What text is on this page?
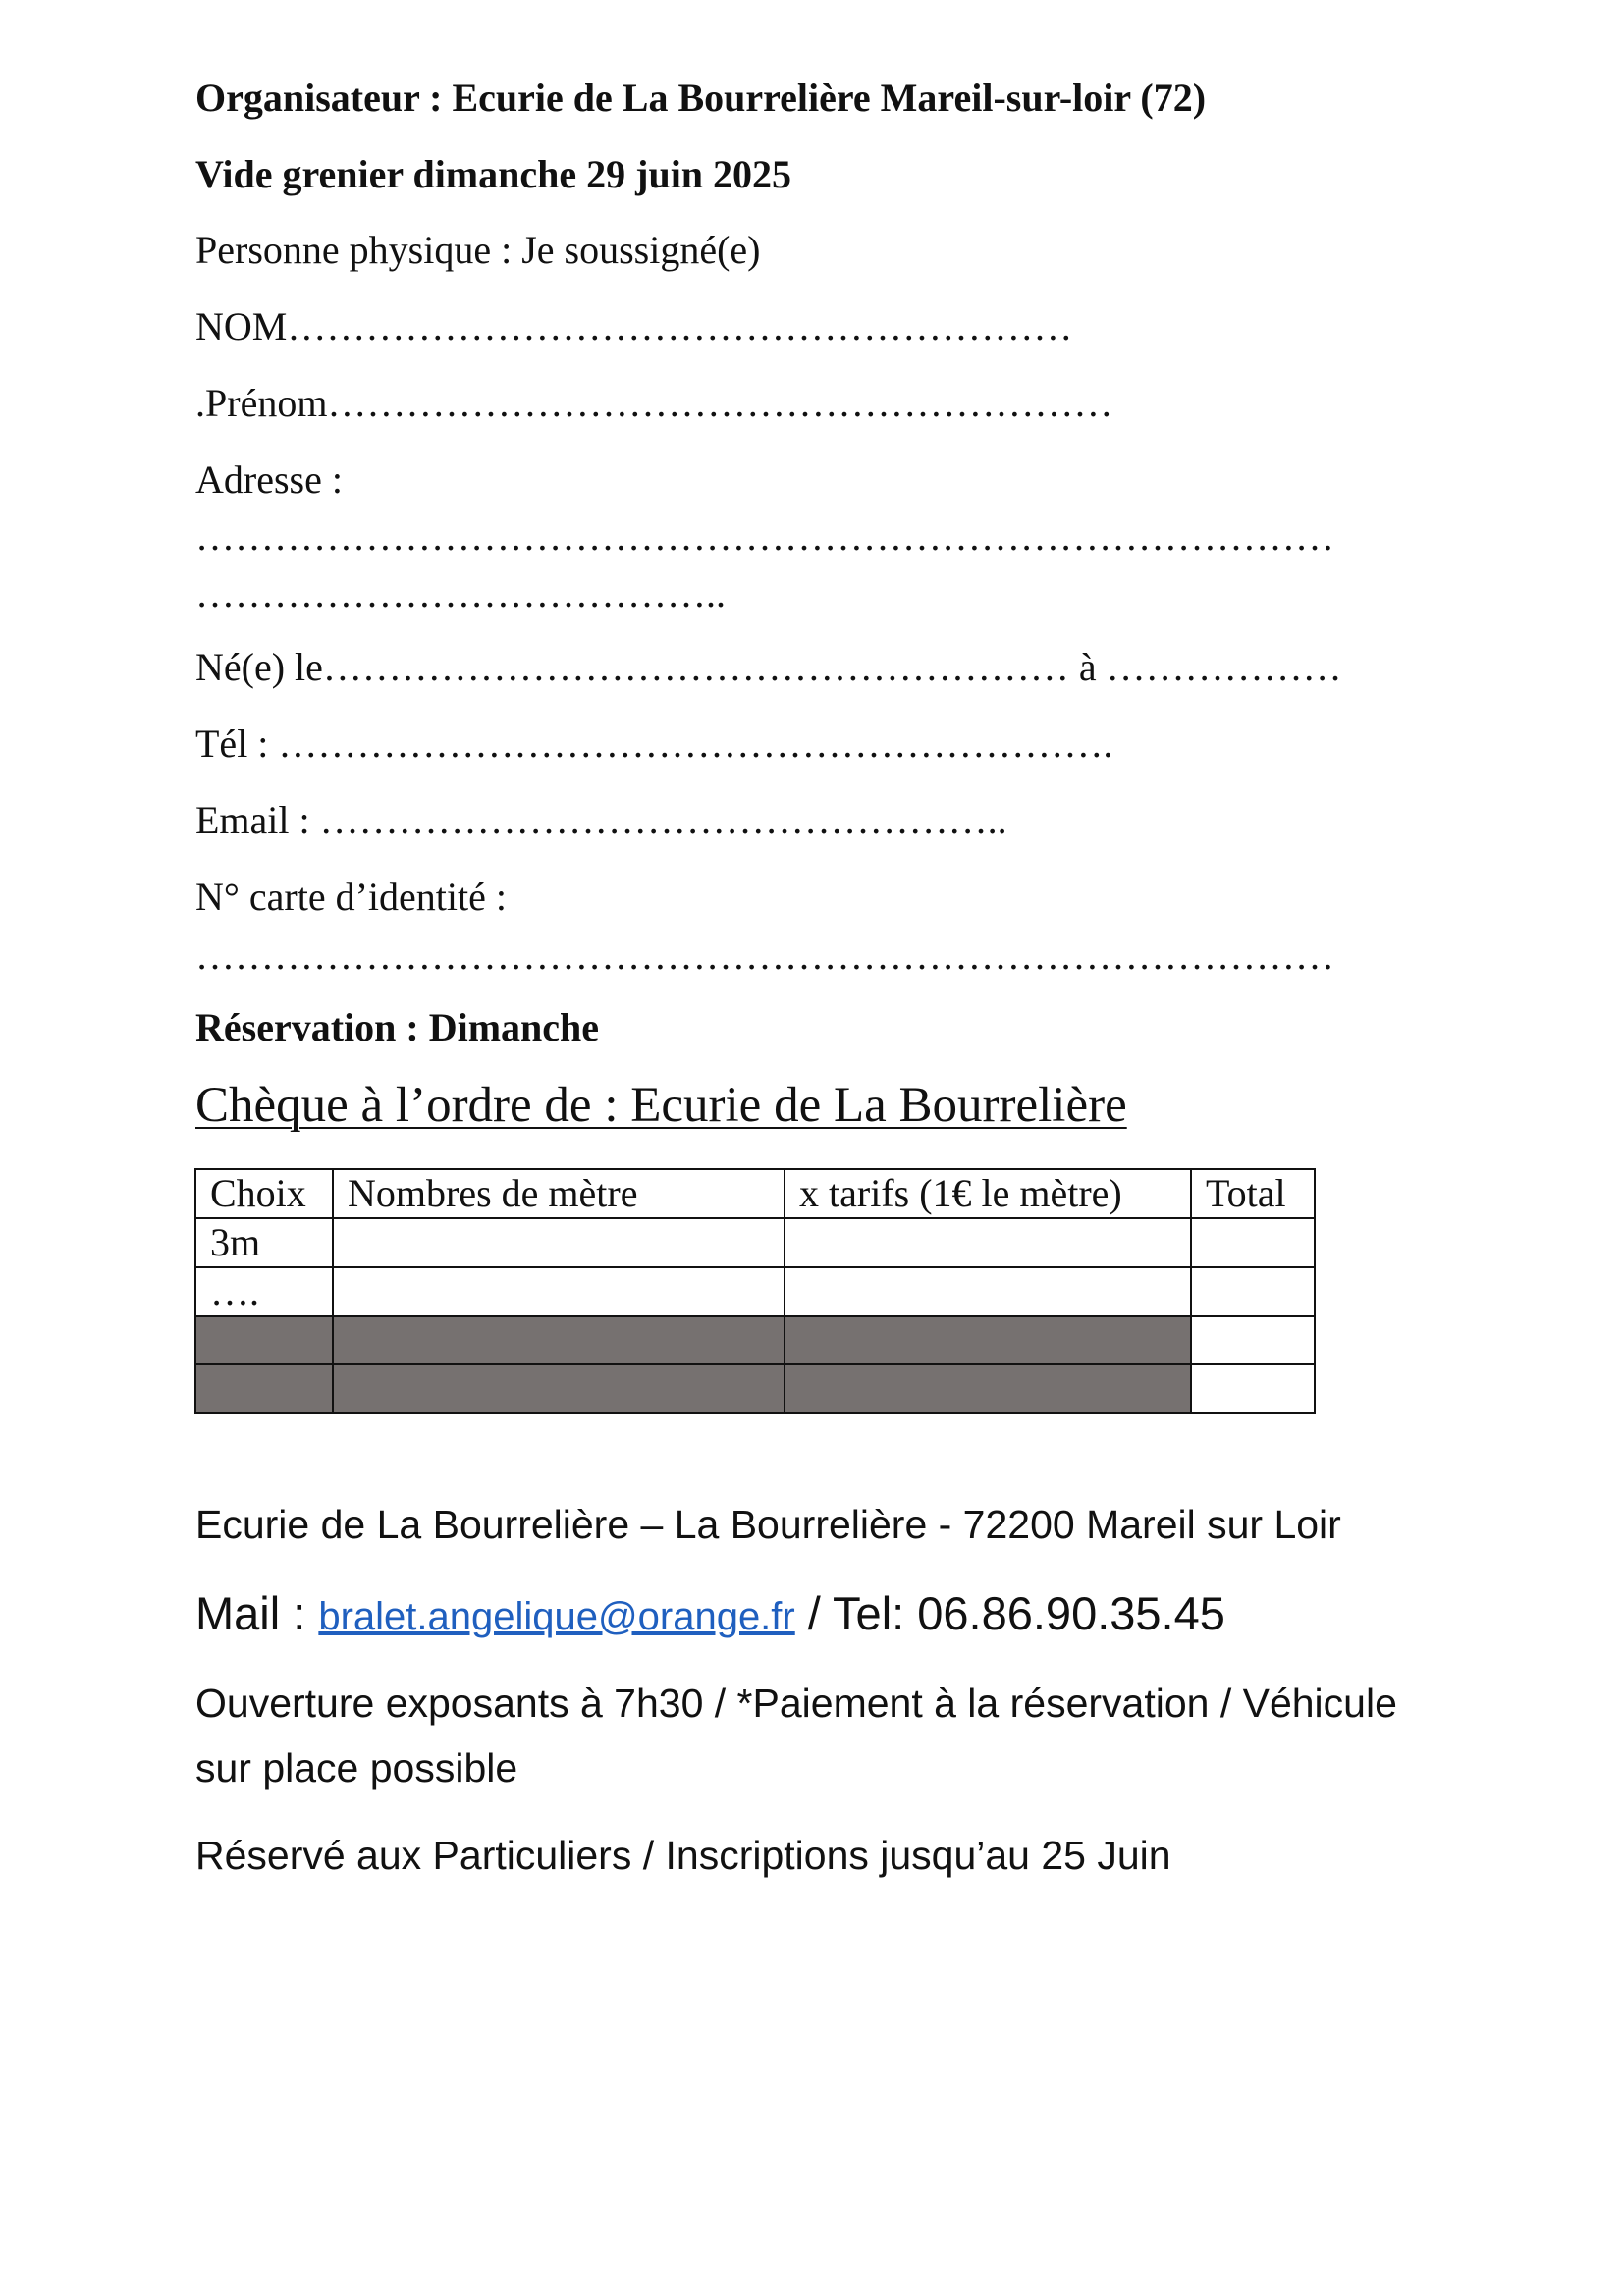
Organisateur : Ecurie de La Bourrelière Mareil-sur-loir (72)
Vide grenier dimanche 29 juin 2025
Personne physique : Je soussigné(e)
NOM……………………………………………………
.Prénom……………………………………………………
Adresse :
……………………………………………………………………………
…………………………………..
Né(e) le………………………………………………… à ………………
Tél : ……………………………………………………….
Email : ……………………………………………..
N° carte d’identité :
……………………………………………………………………………
Réservation : Dimanche
Chèque à l’ordre de : Ecurie de La Bourrelière
Choix	Nombres de mètre	x tarifs (1€ le mètre)	Total
3m			
….			

Ecurie de La Bourrelière – La Bourrelière - 72200 Mareil sur Loir
Mail : bralet.angelique@orange.fr / Tel: 06.86.90.35.45
Ouverture exposants à 7h30 / *Paiement à la réservation / Véhicule
sur place possible
Réservé aux Particuliers / Inscriptions jusqu’au 25 Juin
